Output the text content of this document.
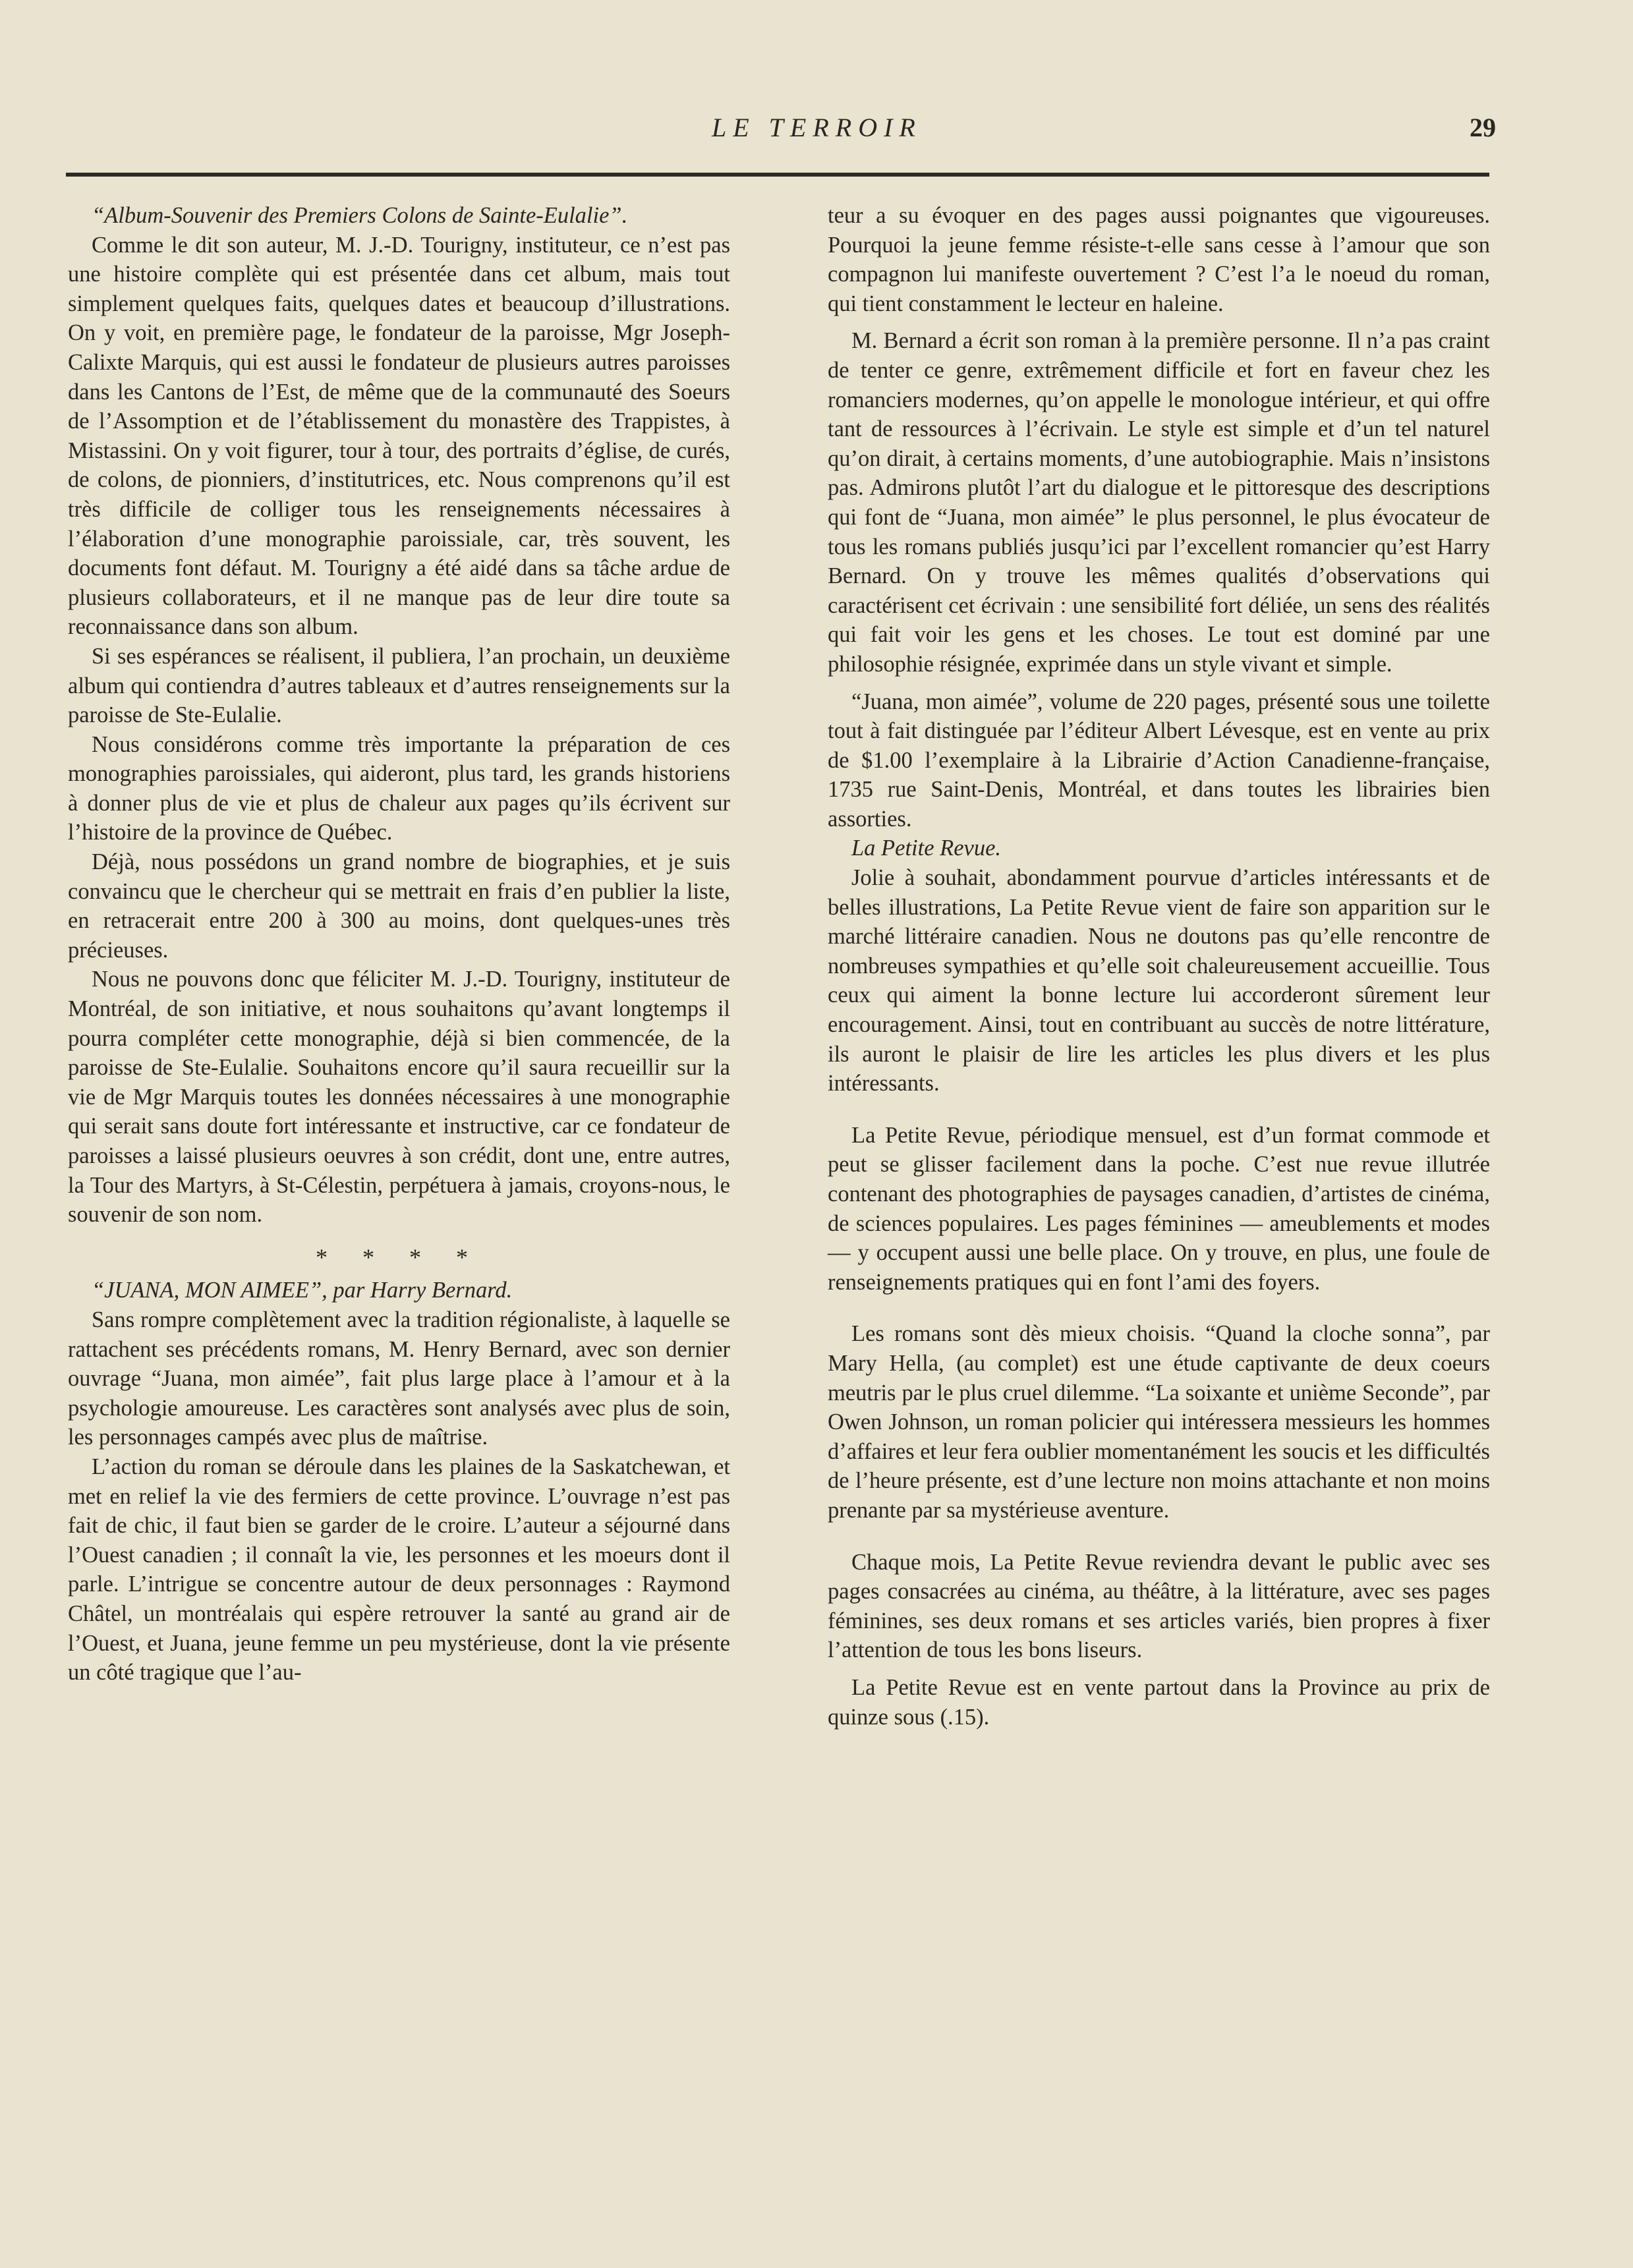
LE TERROIR	29

“Album-Souvenir des Premiers Colons de Sainte-Eulalie”.

Comme le dit son auteur, M. J.-D. Tourigny, instituteur, ce n’est pas une histoire complète qui est présentée dans cet album, mais tout simplement quelques faits, quelques dates et beaucoup d’illustrations. On y voit, en première page, le fondateur de la paroisse, Mgr Joseph-Calixte Marquis, qui est aussi le fondateur de plusieurs autres paroisses dans les Cantons de l’Est, de même que de la communauté des Soeurs de l’Assomption et de l’établissement du monastère des Trappistes, à Mistassini. On y voit figurer, tour à tour, des portraits d’église, de curés, de colons, de pionniers, d’institutrices, etc. Nous comprenons qu’il est très difficile de colliger tous les renseignements nécessaires à l’élaboration d’une monographie paroissiale, car, très souvent, les documents font défaut. M. Tourigny a été aidé dans sa tâche ardue de plusieurs collaborateurs, et il ne manque pas de leur dire toute sa reconnaissance dans son album.

Si ses espérances se réalisent, il publiera, l’an prochain, un deuxième album qui contiendra d’autres tableaux et d’autres renseignements sur la paroisse de Ste-Eulalie.

Nous considérons comme très importante la préparation de ces monographies paroissiales, qui aideront, plus tard, les grands historiens à donner plus de vie et plus de chaleur aux pages qu’ils écrivent sur l’histoire de la province de Québec.

Déjà, nous possédons un grand nombre de biographies, et je suis convaincu que le chercheur qui se mettrait en frais d’en publier la liste, en retracerait entre 200 à 300 au moins, dont quelques-unes très précieuses.

Nous ne pouvons donc que féliciter M. J.-D. Tourigny, instituteur de Montréal, de son initiative, et nous souhaitons qu’avant longtemps il pourra compléter cette monographie, déjà si bien commencée, de la paroisse de Ste-Eulalie. Souhaitons encore qu’il saura recueillir sur la vie de Mgr Marquis toutes les données nécessaires à une monographie qui serait sans doute fort intéressante et instructive, car ce fondateur de paroisses a laissé plusieurs oeuvres à son crédit, dont une, entre autres, la Tour des Martyrs, à St-Célestin, perpétuera à jamais, croyons-nous, le souvenir de son nom.

* * * *

“JUANA, MON AIMEE”, par Harry Bernard.

Sans rompre complètement avec la tradition régionaliste, à laquelle se rattachent ses précédents romans, M. Henry Bernard, avec son dernier ouvrage “Juana, mon aimée”, fait plus large place à l’amour et à la psychologie amoureuse. Les caractères sont analysés avec plus de soin, les personnages campés avec plus de maîtrise.

L’action du roman se déroule dans les plaines de la Saskatchewan, et met en relief la vie des fermiers de cette province. L’ouvrage n’est pas fait de chic, il faut bien se garder de le croire. L’auteur a séjourné dans l’Ouest canadien ; il connaît la vie, les personnes et les moeurs dont il parle. L’intrigue se concentre autour de deux personnages : Raymond Châtel, un montréalais qui espère retrouver la santé au grand air de l’Ouest, et Juana, jeune femme un peu mystérieuse, dont la vie présente un côté tragique que l’au-

teur a su évoquer en des pages aussi poignantes que vigoureuses. Pourquoi la jeune femme résiste-t-elle sans cesse à l’amour que son compagnon lui manifeste ouvertement ? C’est l’a le noeud du roman, qui tient constamment le lecteur en haleine.

M. Bernard a écrit son roman à la première personne. Il n’a pas craint de tenter ce genre, extrêmement difficile et fort en faveur chez les romanciers modernes, qu’on appelle le monologue intérieur, et qui offre tant de ressources à l’écrivain. Le style est simple et d’un tel naturel qu’on dirait, à certains moments, d’une autobiographie. Mais n’insistons pas. Admirons plutôt l’art du dialogue et le pittoresque des descriptions qui font de “Juana, mon aimée” le plus personnel, le plus évocateur de tous les romans publiés jusqu’ici par l’excellent romancier qu’est Harry Bernard. On y trouve les mêmes qualités d’observations qui caractérisent cet écrivain : une sensibilité fort déliée, un sens des réalités qui fait voir les gens et les choses. Le tout est dominé par une philosophie résignée, exprimée dans un style vivant et simple.

“Juana, mon aimée”, volume de 220 pages, présenté sous une toilette tout à fait distinguée par l’éditeur Albert Lévesque, est en vente au prix de $1.00 l’exemplaire à la Librairie d’Action Canadienne-française, 1735 rue Saint-Denis, Montréal, et dans toutes les librairies bien assorties.

La Petite Revue.

Jolie à souhait, abondamment pourvue d’articles intéressants et de belles illustrations, La Petite Revue vient de faire son apparition sur le marché littéraire canadien. Nous ne doutons pas qu’elle rencontre de nombreuses sympathies et qu’elle soit chaleureusement accueillie. Tous ceux qui aiment la bonne lecture lui accorderont sûrement leur encouragement. Ainsi, tout en contribuant au succès de notre littérature, ils auront le plaisir de lire les articles les plus divers et les plus intéressants.

La Petite Revue, périodique mensuel, est d’un format commode et peut se glisser facilement dans la poche. C’est nue revue illutrée contenant des photographies de paysages canadien, d’artistes de cinéma, de sciences populaires. Les pages féminines — ameublements et modes — y occupent aussi une belle place. On y trouve, en plus, une foule de renseignements pratiques qui en font l’ami des foyers.

Les romans sont dès mieux choisis. “Quand la cloche sonna”, par Mary Hella, (au complet) est une étude captivante de deux coeurs meutris par le plus cruel dilemme. “La soixante et unième Seconde”, par Owen Johnson, un roman policier qui intéressera messieurs les hommes d’affaires et leur fera oublier momentanément les soucis et les difficultés de l’heure présente, est d’une lecture non moins attachante et non moins prenante par sa mystérieuse aventure.

Chaque mois, La Petite Revue reviendra devant le public avec ses pages consacrées au cinéma, au théâtre, à la littérature, avec ses pages féminines, ses deux romans et ses articles variés, bien propres à fixer l’attention de tous les bons liseurs.

La Petite Revue est en vente partout dans la Province au prix de quinze sous (.15).
